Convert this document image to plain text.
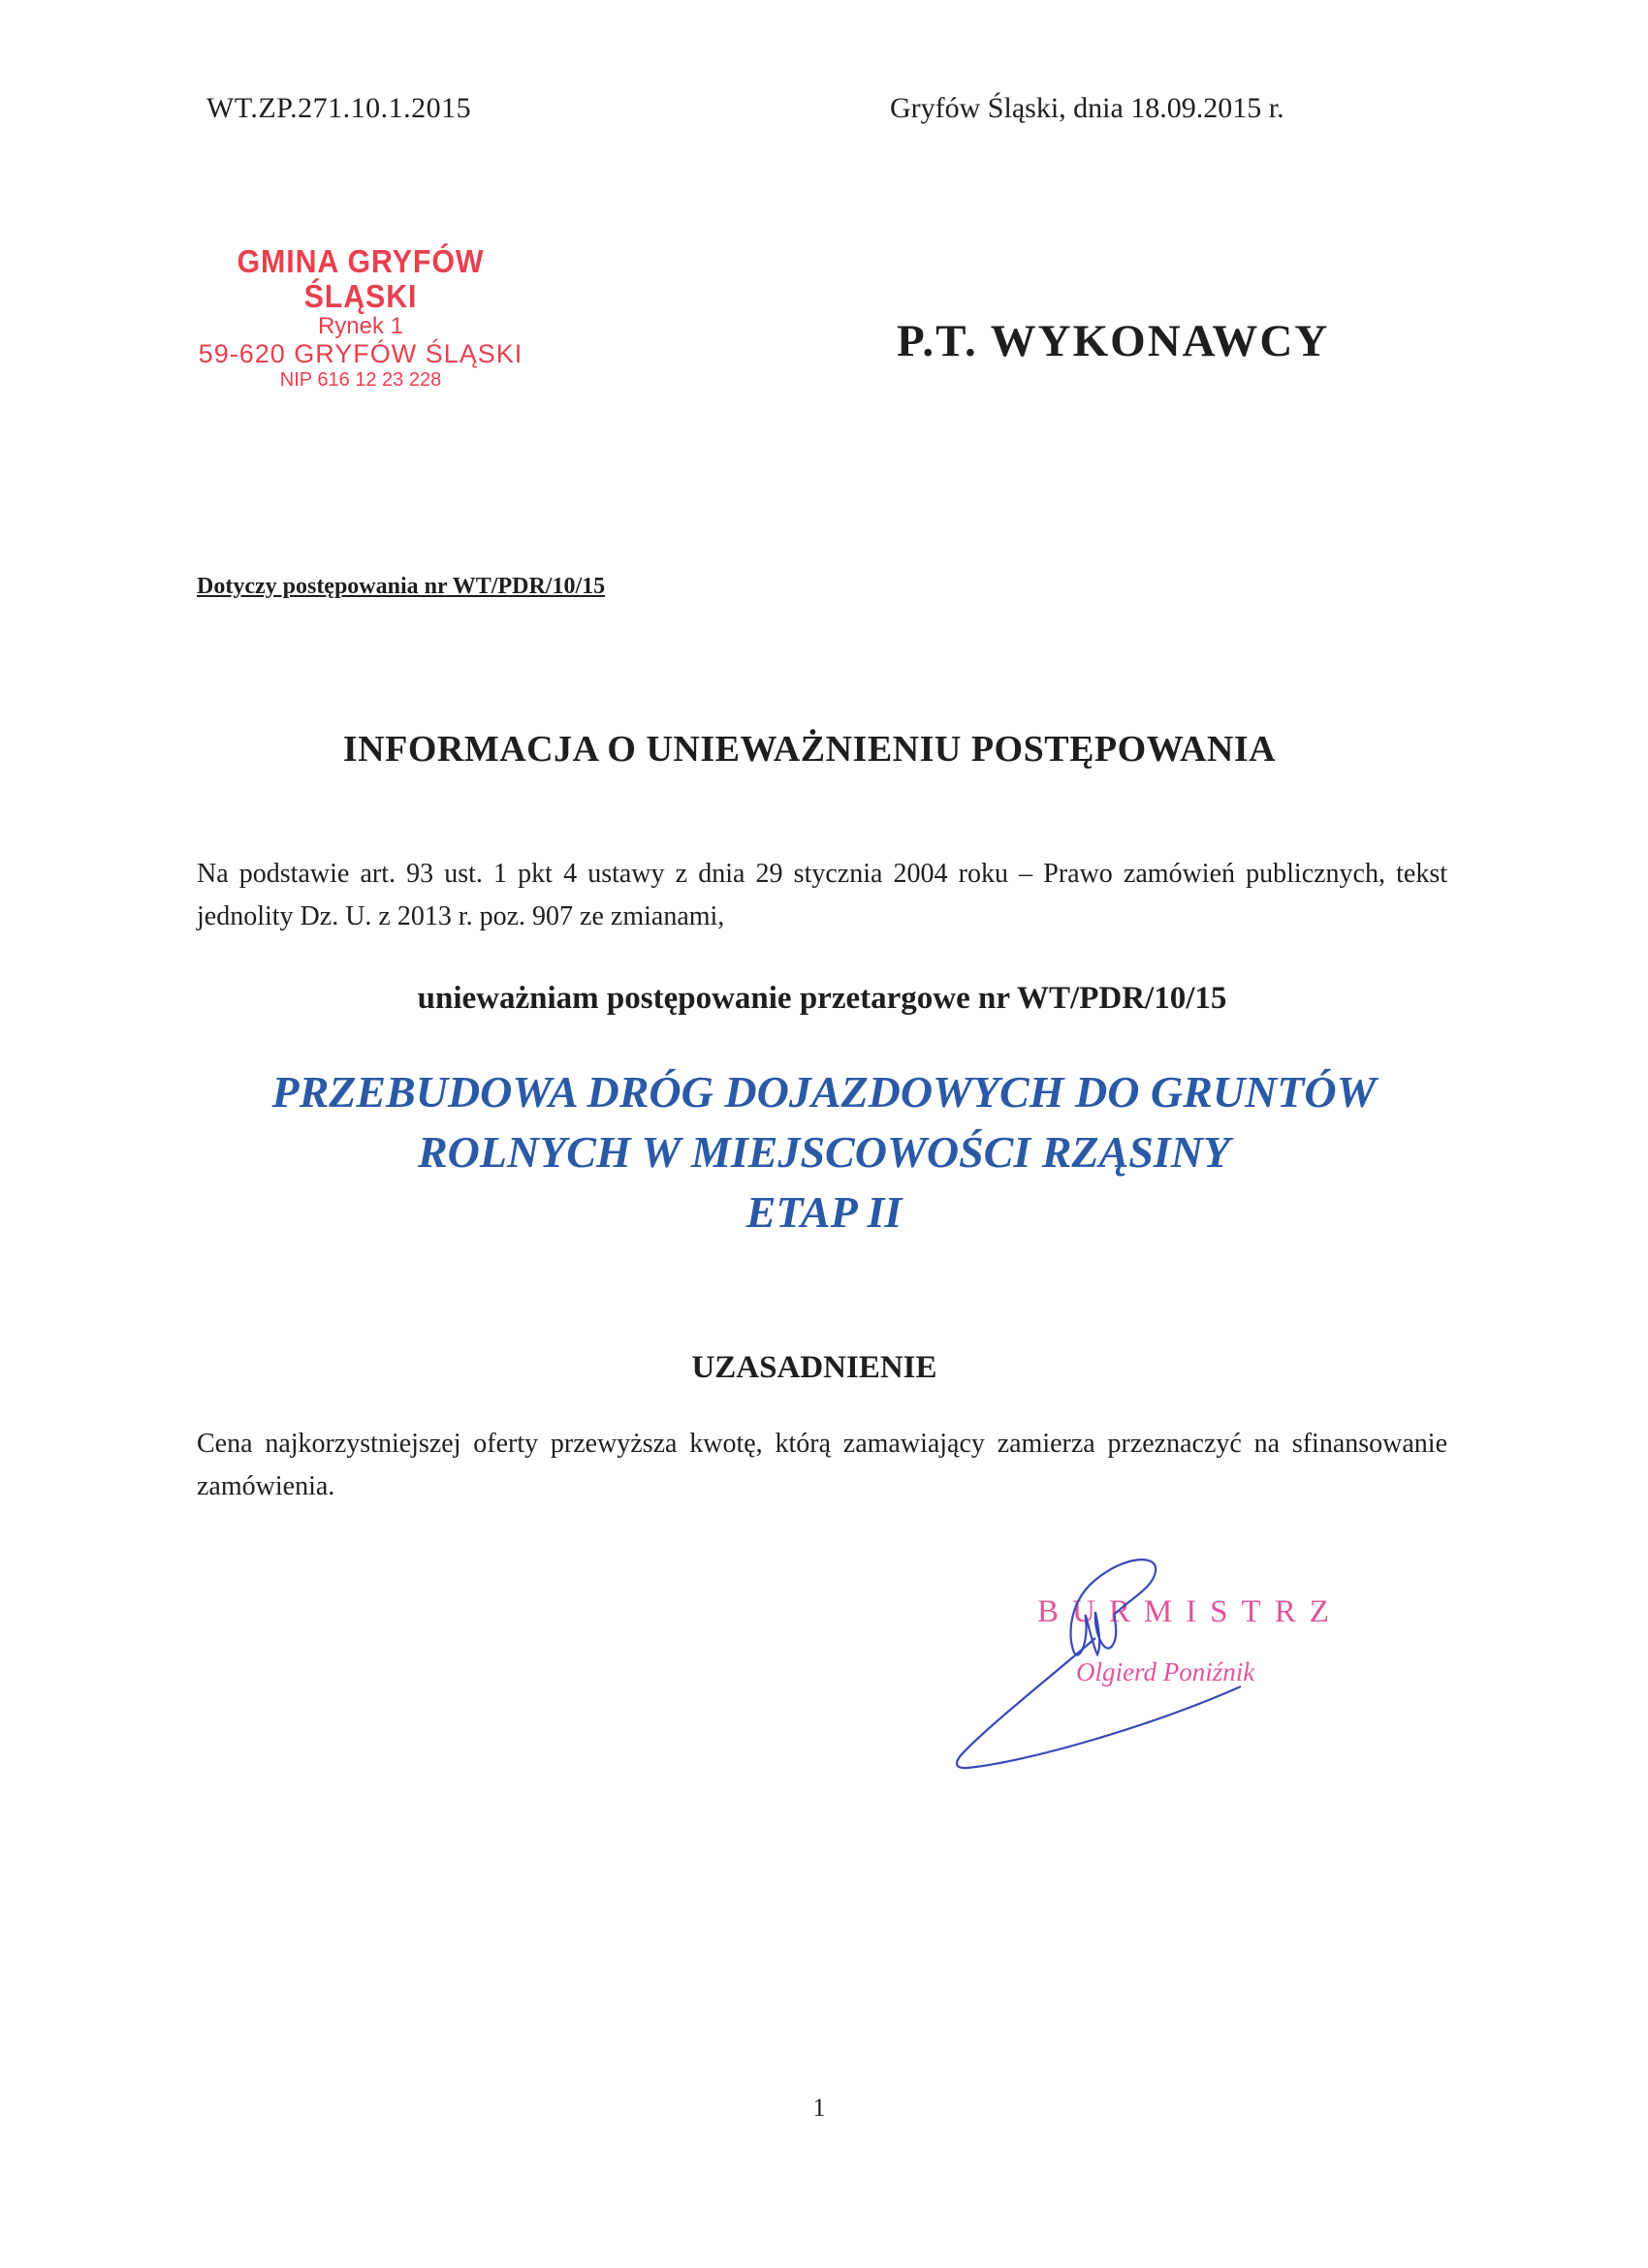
WT.ZP.271.10.1.2015	Gryfów Śląski, dnia 18.09.2015 r.
GMINA GRYFÓW ŚLĄSKI
Rynek 1
59-620 GRYFÓW ŚLĄSKI
NIP 616 12 23 228
P.T. WYKONAWCY
Dotyczy postępowania nr WT/PDR/10/15
INFORMACJA O UNIEWAŻNIENIU POSTĘPOWANIA
Na podstawie art. 93 ust. 1 pkt 4 ustawy z dnia 29 stycznia 2004 roku – Prawo zamówień publicznych, tekst jednolity Dz. U. z 2013 r. poz. 907 ze zmianami,
unieważniam postępowanie przetargowe nr WT/PDR/10/15
PRZEBUDOWA DRÓG DOJAZDOWYCH DO GRUNTÓW
ROLNYCH W MIEJSCOWOŚCI RZĄSINY
ETAP II
UZASADNIENIE
Cena najkorzystniejszej oferty przewyższa kwotę, którą zamawiający zamierza przeznaczyć na sfinansowanie zamówienia.
BURMISTRZ
Olgierd Poniźnik
1
